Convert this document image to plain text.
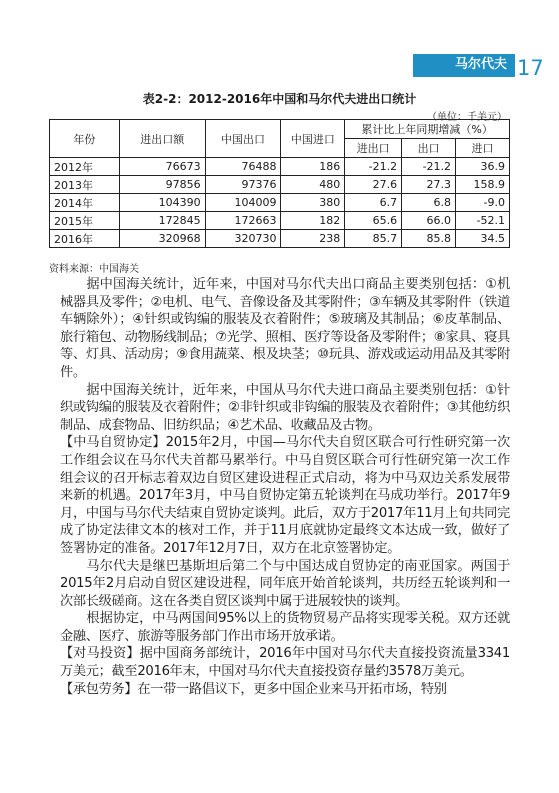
马尔代夫 17
表2-2：2012-2016年中国和马尔代夫进出口统计
（单位：千美元）
年份	进出口额	中国出口	中国进口	累计比上年同期增减（%）		
				进出口	出口	进口
2012年	76673	76488	186	-21.2	-21.2	36.9
2013年	97856	97376	480	27.6	27.3	158.9
2014年	104390	104009	380	6.7	6.8	-9.0
2015年	172845	172663	182	65.6	66.0	-52.1
2016年	320968	320730	238	85.7	85.8	34.5
资料来源：中国海关

据中国海关统计，近年来，中国对马尔代夫出口商品主要类别包括：①机械器具及零件；②电机、电气、音像设备及其零附件；③车辆及其零附件（铁道车辆除外）；④针织或钩编的服装及衣着附件；⑤玻璃及其制品；⑥皮革制品、旅行箱包、动物肠线制品；⑦光学、照相、医疗等设备及零附件；⑧家具、寝具等、灯具、活动房；⑨食用蔬菜、根及块茎；⑩玩具、游戏或运动用品及其零附件。

据中国海关统计，近年来，中国从马尔代夫进口商品主要类别包括：①针织或钩编的服装及衣着附件；②非针织或非钩编的服装及衣着附件；③其他纺织制品、成套物品、旧纺织品；④艺术品、收藏品及古物。

【中马自贸协定】2015年2月，中国—马尔代夫自贸区联合可行性研究第一次工作组会议在马尔代夫首都马累举行。中马自贸区联合可行性研究第一次工作组会议的召开标志着双边自贸区建设进程正式启动，将为中马双边关系发展带来新的机遇。2017年3月，中马自贸协定第五轮谈判在马成功举行。2017年9月，中国与马尔代夫结束自贸协定谈判。此后，双方于2017年11月上旬共同完成了协定法律文本的核对工作，并于11月底就协定最终文本达成一致，做好了签署协定的准备。2017年12月7日，双方在北京签署协定。

马尔代夫是继巴基斯坦后第二个与中国达成自贸协定的南亚国家。两国于2015年2月启动自贸区建设进程，同年底开始首轮谈判，共历经五轮谈判和一次部长级磋商。这在各类自贸区谈判中属于进展较快的谈判。

根据协定，中马两国间95%以上的货物贸易产品将实现零关税。双方还就金融、医疗、旅游等服务部门作出市场开放承诺。

【对马投资】据中国商务部统计，2016年中国对马尔代夫直接投资流量3341万美元；截至2016年末，中国对马尔代夫直接投资存量约3578万美元。

【承包劳务】在一带一路倡议下，更多中国企业来马开拓市场，特别
